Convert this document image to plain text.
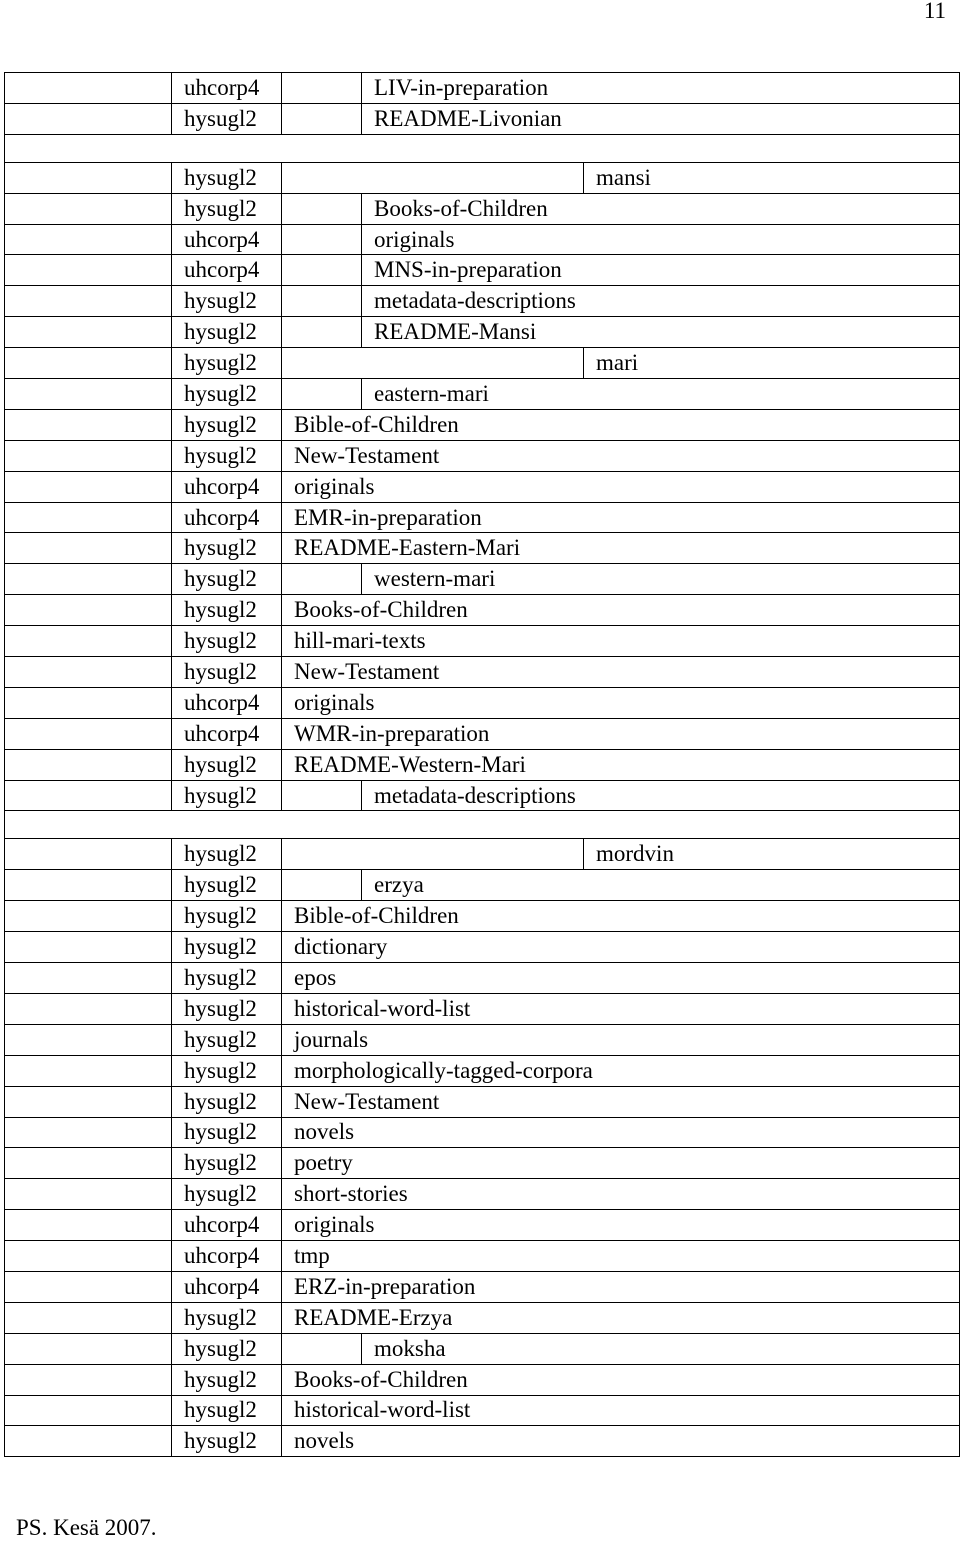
11
	uhcorp4		LIV-in-preparation	
	hysugl2		README-Livonian	

	hysugl2			mansi
	hysugl2		Books-of-Children	
	uhcorp4		originals	
	uhcorp4		MNS-in-preparation	
	hysugl2		metadata-descriptions	
	hysugl2		README-Mansi	
	hysugl2			mari
	hysugl2		eastern-mari	
	hysugl2	Bible-of-Children		
	hysugl2	New-Testament		
	uhcorp4	originals		
	uhcorp4	EMR-in-preparation		
	hysugl2	README-Eastern-Mari		
	hysugl2		western-mari	
	hysugl2	Books-of-Children		
	hysugl2	hill-mari-texts		
	hysugl2	New-Testament		
	uhcorp4	originals		
	uhcorp4	WMR-in-preparation		
	hysugl2	README-Western-Mari		
	hysugl2		metadata-descriptions	

	hysugl2			mordvin
	hysugl2		erzya	
	hysugl2	Bible-of-Children		
	hysugl2	dictionary		
	hysugl2	epos		
	hysugl2	historical-word-list		
	hysugl2	journals		
	hysugl2	morphologically-tagged-corpora		
	hysugl2	New-Testament		
	hysugl2	novels		
	hysugl2	poetry		
	hysugl2	short-stories		
	uhcorp4	originals		
	uhcorp4	tmp		
	uhcorp4	ERZ-in-preparation		
	hysugl2	README-Erzya		
	hysugl2		moksha	
	hysugl2	Books-of-Children		
	hysugl2	historical-word-list		
	hysugl2	novels		
PS. Kesä 2007.
